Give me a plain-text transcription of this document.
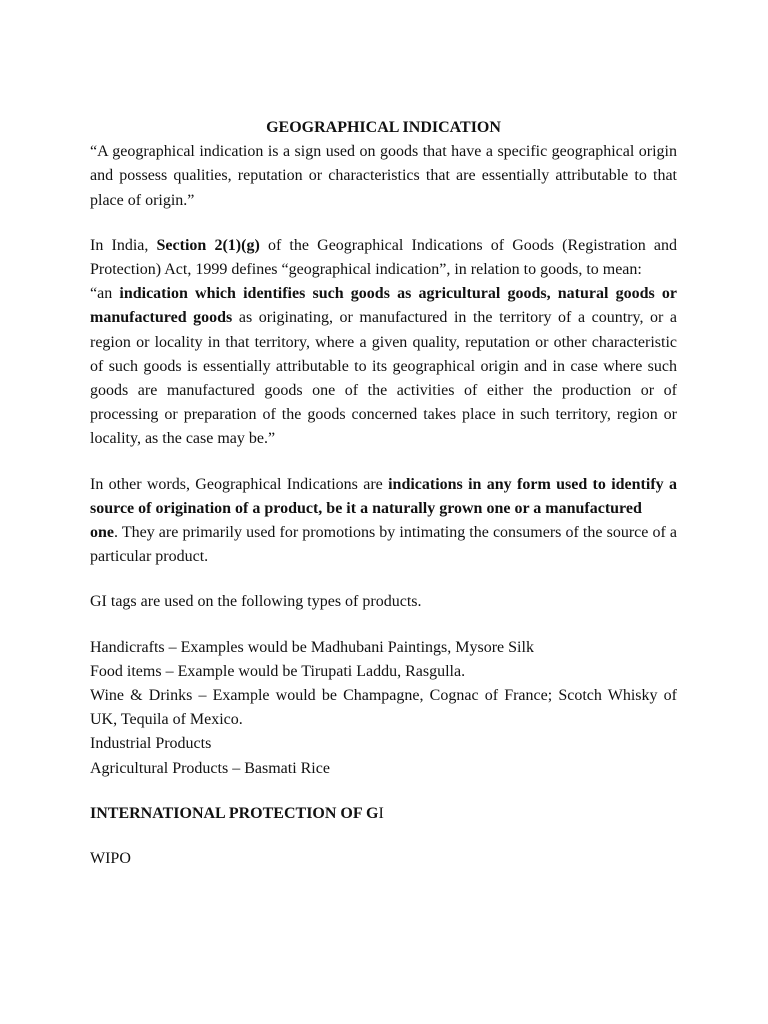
GEOGRAPHICAL INDICATION

“A geographical indication is a sign used on goods that have a specific geographical origin and possess qualities, reputation or characteristics that are essentially attributable to that place of origin.”

In India, Section 2(1)(g) of the Geographical Indications of Goods (Registration and Protection) Act, 1999 defines “geographical indication”, in relation to goods, to mean:

“an indication which identifies such goods as agricultural goods, natural goods or manufactured goods as originating, or manufactured in the territory of a country, or a region or locality in that territory, where a given quality, reputation or other characteristic of such goods is essentially attributable to its geographical origin and in case where such goods are manufactured goods one of the activities of either the production or of processing or preparation of the goods concerned takes place in such territory, region or locality, as the case may be.”

In other words, Geographical Indications are indications in any form used to identify a source of origination of a product, be it a naturally grown one or a manufactured
one. They are primarily used for promotions by intimating the consumers of the source of a particular product.

GI tags are used on the following types of products.

Handicrafts – Examples would be Madhubani Paintings, Mysore Silk

Food items – Example would be Tirupati Laddu, Rasgulla.

Wine & Drinks – Example would be Champagne, Cognac of France; Scotch Whisky of UK, Tequila of Mexico.

Industrial Products

Agricultural Products – Basmati Rice

INTERNATIONAL PROTECTION OF GI

WIPO
